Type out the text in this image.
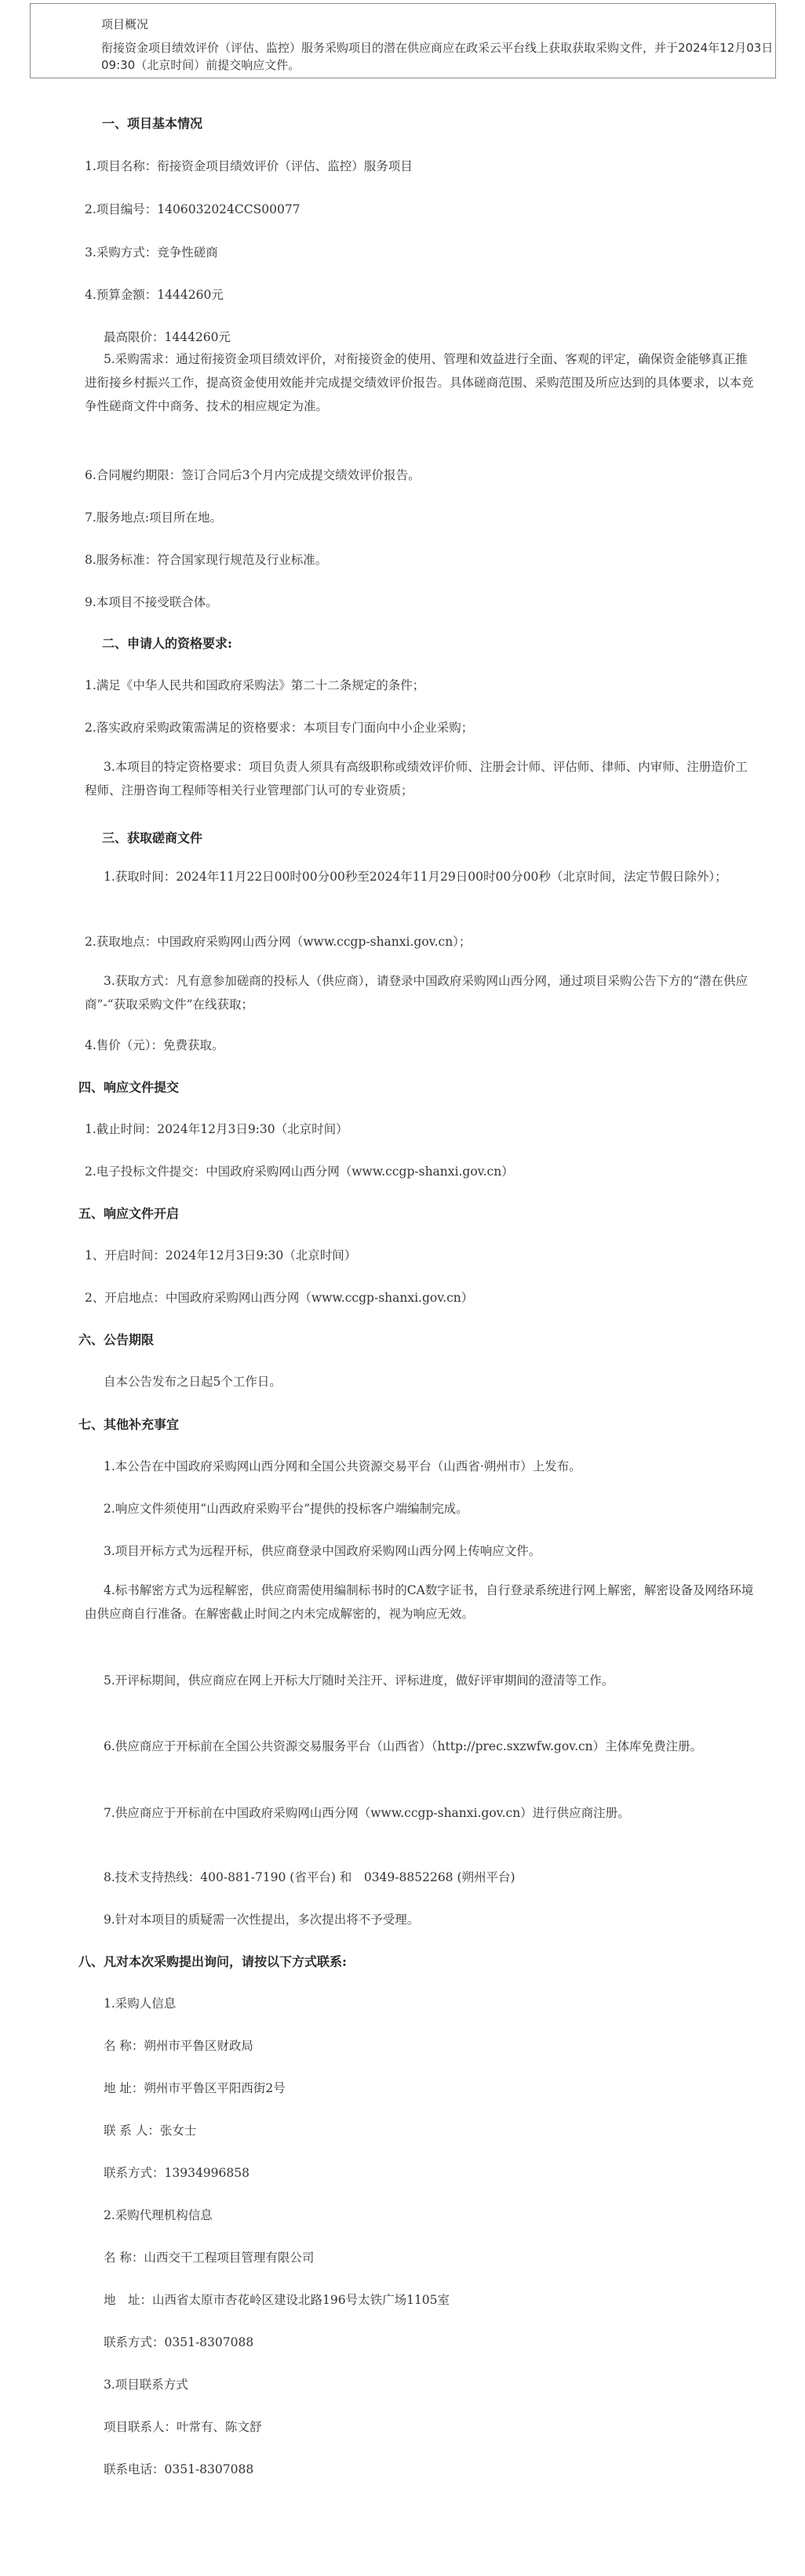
项目概况
衔接资金项目绩效评价（评估、监控）服务采购项目的潜在供应商应在政采云平台线上获取获取采购文件，并于2024年12月03日 09:30（北京时间）前提交响应文件。
一、项目基本情况
1.项目名称：衔接资金项目绩效评价（评估、监控）服务项目
2.项目编号：1406032024CCS00077
3.采购方式：竞争性磋商
4.预算金额：1444260元
最高限价：1444260元
5.采购需求：通过衔接资金项目绩效评价，对衔接资金的使用、管理和效益进行全面、客观的评定，确保资金能够真正推进衔接乡村振兴工作，提高资金使用效能并完成提交绩效评价报告。具体磋商范围、采购范围及所应达到的具体要求，以本竞争性磋商文件中商务、技术的相应规定为准。
6.合同履约期限：签订合同后3个月内完成提交绩效评价报告。
7.服务地点:项目所在地。
8.服务标准：符合国家现行规范及行业标准。
9.本项目不接受联合体。
二、申请人的资格要求:
1.满足《中华人民共和国政府采购法》第二十二条规定的条件；
2.落实政府采购政策需满足的资格要求：本项目专门面向中小企业采购；
3.本项目的特定资格要求：项目负责人须具有高级职称或绩效评价师、注册会计师、评估师、律师、内审师、注册造价工程师、注册咨询工程师等相关行业管理部门认可的专业资质；
三、获取磋商文件
1.获取时间：2024年11月22日00时00分00秒至2024年11月29日00时00分00秒（北京时间，法定节假日除外）；
2.获取地点：中国政府采购网山西分网（www.ccgp-shanxi.gov.cn）；
3.获取方式：凡有意参加磋商的投标人（供应商），请登录中国政府采购网山西分网，通过项目采购公告下方的“潜在供应商”-“获取采购文件”在线获取；
4.售价（元）：免费获取。
四、响应文件提交
1.截止时间：2024年12月3日9:30（北京时间）
2.电子投标文件提交：中国政府采购网山西分网（www.ccgp-shanxi.gov.cn）
五、响应文件开启
1、开启时间：2024年12月3日9:30（北京时间）
2、开启地点：中国政府采购网山西分网（www.ccgp-shanxi.gov.cn）
六、公告期限
自本公告发布之日起5个工作日。
七、其他补充事宜
1.本公告在中国政府采购网山西分网和全国公共资源交易平台（山西省·朔州市）上发布。
2.响应文件须使用“山西政府采购平台”提供的投标客户端编制完成。
3.项目开标方式为远程开标，供应商登录中国政府采购网山西分网上传响应文件。
4.标书解密方式为远程解密，供应商需使用编制标书时的CA数字证书，自行登录系统进行网上解密，解密设备及网络环境由供应商自行准备。在解密截止时间之内未完成解密的，视为响应无效。
5.开评标期间，供应商应在网上开标大厅随时关注开、评标进度，做好评审期间的澄清等工作。
6.供应商应于开标前在全国公共资源交易服务平台（山西省）（http://prec.sxzwfw.gov.cn）主体库免费注册。
7.供应商应于开标前在中国政府采购网山西分网（www.ccgp-shanxi.gov.cn）进行供应商注册。
8.技术支持热线：400-881-7190 (省平台) 和　0349-8852268 (朔州平台)
9.针对本项目的质疑需一次性提出，多次提出将不予受理。
八、凡对本次采购提出询问，请按以下方式联系:
1.采购人信息
名 称：朔州市平鲁区财政局
地 址：朔州市平鲁区平阳西街2号
联 系 人：张女士
联系方式：13934996858
2.采购代理机构信息
名 称：山西交干工程项目管理有限公司
地　址：山西省太原市杏花岭区建设北路196号太铁广场1105室
联系方式：0351-8307088
3.项目联系方式
项目联系人：叶常有、陈文舒
联系电话：0351-8307088
